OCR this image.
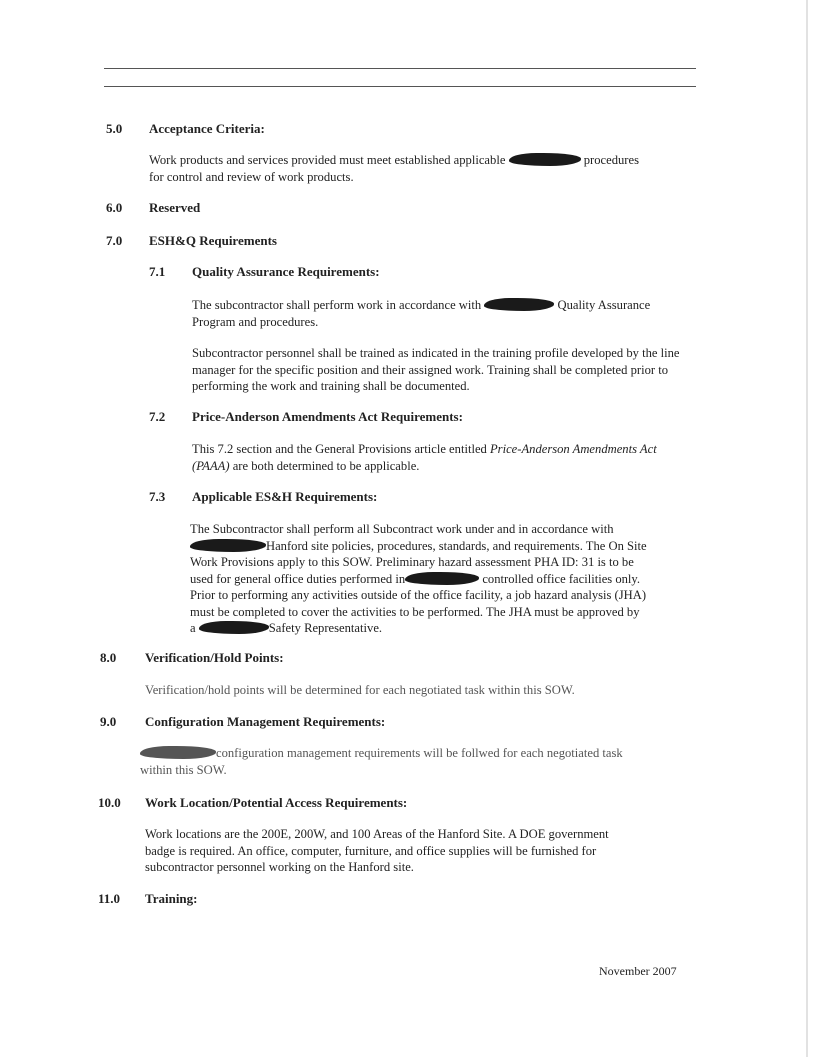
5.0 Acceptance Criteria:
Work products and services provided must meet established applicable	procedures
for control and review of work products.
6.0 Reserved
7.0 ESH&Q Requirements
7.1 Quality Assurance Requirements:
The subcontractor shall perform work in accordance with	Quality Assurance
Program and procedures.
Subcontractor personnel shall be trained as indicated in the training profile developed by the line manager for the specific position and their assigned work. Training shall be completed prior to performing the work and training shall be documented.
7.2 Price-Anderson Amendments Act Requirements:
This 7.2 section and the General Provisions article entitled Price-Anderson Amendments Act (PAAA) are both determined to be applicable.
7.3 Applicable ES&H Requirements:
The Subcontractor shall perform all Subcontract work under and in accordance with
Hanford site policies, procedures, standards, and requirements. The On Site
Work Provisions apply to this SOW. Preliminary hazard assessment PHA ID: 31 is to be
used for general office duties performed in	controlled office facilities only.
Prior to performing any activities outside of the office facility, a job hazard analysis (JHA)
must be completed to cover the activities to be performed. The JHA must be approved by
a	Safety Representative.
8.0 Verification/Hold Points:
Verification/hold points will be determined for each negotiated task within this SOW.
9.0 Configuration Management Requirements:
configuration management requirements will be follwed for each negotiated task
within this SOW.
10.0 Work Location/Potential Access Requirements:
Work locations are the 200E, 200W, and 100 Areas of the Hanford Site. A DOE government
badge is required. An office, computer, furniture, and office supplies will be furnished for
subcontractor personnel working on the Hanford site.
11.0 Training:
November 2007
